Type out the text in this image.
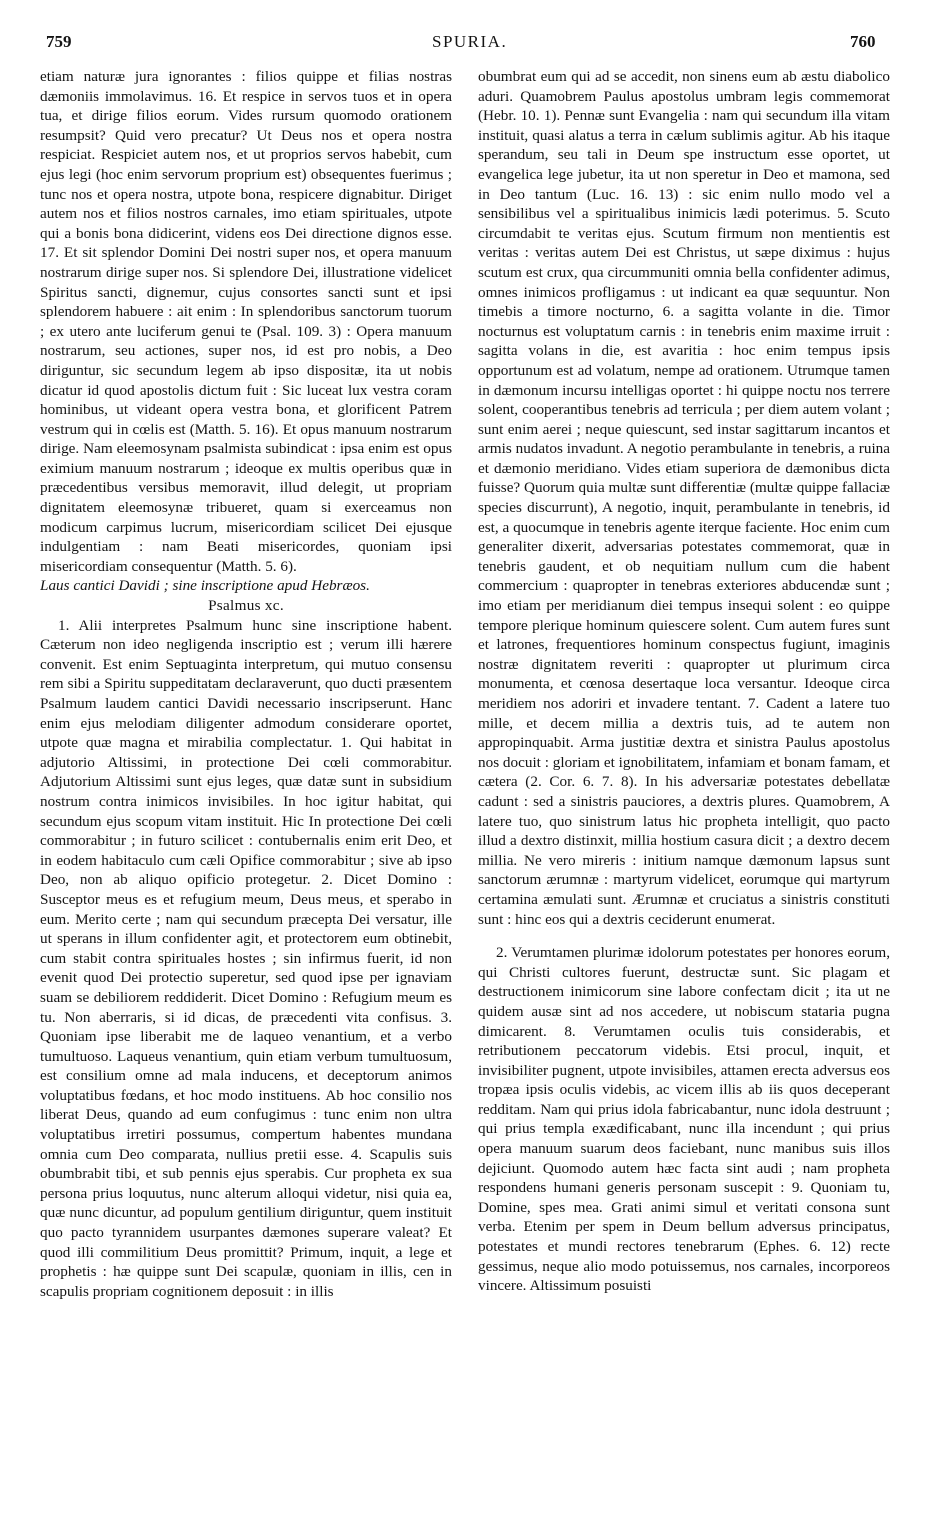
759	SPURIA.	760

etiam naturæ jura ignorantes : filios quippe et filias nostras dæmoniis immolavimus. 16. Et respice in servos tuos et in opera tua, et dirige filios eorum. Vides rursum quomodo orationem resumpsit? Quid vero precatur? Ut Deus nos et opera nostra respiciat. Respiciet autem nos, et ut proprios servos habebit, cum ejus legi (hoc enim servorum proprium est) obsequentes fuerimus ; tunc nos et opera nostra, utpote bona, respicere dignabitur. Diriget autem nos et filios nostros carnales, imo etiam spirituales, utpote qui a bonis bona didicerint, videns eos Dei directione dignos esse. 17. Et sit splendor Domini Dei nostri super nos, et opera manuum nostrarum dirige super nos. Si splendore Dei, illustratione videlicet Spiritus sancti, dignemur, cujus consortes sancti sunt et ipsi splendorem habuere : ait enim : In splendoribus sanctorum tuorum ; ex utero ante luciferum genui te (Psal. 109. 3) : Opera manuum nostrarum, seu actiones, super nos, id est pro nobis, a Deo diriguntur, sic secundum legem ab ipso dispositæ, ita ut nobis dicatur id quod apostolis dictum fuit : Sic luceat lux vestra coram hominibus, ut videant opera vestra bona, et glorificent Patrem vestrum qui in cœlis est (Matth. 5. 16). Et opus manuum nostrarum dirige. Nam eleemosynam psalmista subindicat : ipsa enim est opus eximium manuum nostrarum ; ideoque ex multis operibus quæ in præcedentibus versibus memoravit, illud delegit, ut propriam dignitatem eleemosynæ tribueret, quam si exerceamus non modicum carpimus lucrum, misericordiam scilicet Dei ejusque indulgentiam : nam Beati misericordes, quoniam ipsi misericordiam consequentur (Matth. 5. 6).

Laus cantici Davidi ; sine inscriptione apud Hebræos.

Psalmus xc.

1. Alii interpretes Psalmum hunc sine inscriptione habent. Cæterum non ideo negligenda inscriptio est ; verum illi hærere convenit. Est enim Septuaginta interpretum, qui mutuo consensu rem sibi a Spiritu suppeditatam declaraverunt, quo ducti præsentem Psalmum laudem cantici Davidi necessario inscripserunt. Hanc enim ejus melodiam diligenter admodum considerare oportet, utpote quæ magna et mirabilia complectatur. 1. Qui habitat in adjutorio Altissimi, in protectione Dei cœli commorabitur. Adjutorium Altissimi sunt ejus leges, quæ datæ sunt in subsidium nostrum contra inimicos invisibiles. In hoc igitur habitat, qui secundum ejus scopum vitam instituit. Hic In protectione Dei cœli commorabitur ; in futuro scilicet : contubernalis enim erit Deo, et in eodem habitaculo cum cæli Opifice commorabitur ; sive ab ipso Deo, non ab aliquo opificio protegetur. 2. Dicet Domino : Susceptor meus es et refugium meum, Deus meus, et sperabo in eum. Merito certe ; nam qui secundum præcepta Dei versatur, ille ut sperans in illum confidenter agit, et protectorem eum obtinebit, cum stabit contra spirituales hostes ; sin infirmus fuerit, id non evenit quod Dei protectio superetur, sed quod ipse per ignaviam suam se debiliorem reddiderit. Dicet Domino : Refugium meum es tu. Non aberraris, si id dicas, de præcedenti vita confisus. 3. Quoniam ipse liberabit me de laqueo venantium, et a verbo tumultuoso. Laqueus venantium, quin etiam verbum tumultuosum, est consilium omne ad mala inducens, et deceptorum animos voluptatibus fœdans, et hoc modo instituens. Ab hoc consilio nos liberat Deus, quando ad eum confugimus : tunc enim non ultra voluptatibus irretiri possumus, compertum habentes mundana omnia cum Deo comparata, nullius pretii esse. 4. Scapulis suis obumbrabit tibi, et sub pennis ejus sperabis. Cur propheta ex sua persona prius loquutus, nunc alterum alloqui videtur, nisi quia ea, quæ nunc dicuntur, ad populum gentilium diriguntur, quem instituit quo pacto tyrannidem usurpantes dæmones superare valeat? Et quod illi commilitium Deus promittit? Primum, inquit, a lege et prophetis : hæ quippe sunt Dei scapulæ, quoniam in illis, cen in scapulis propriam cognitionem deposuit : in illis

obumbrat eum qui ad se accedit, non sinens eum ab æstu diabolico aduri. Quamobrem Paulus apostolus umbram legis commemorat (Hebr. 10. 1). Pennæ sunt Evangelia : nam qui secundum illa vitam instituit, quasi alatus a terra in cælum sublimis agitur. Ab his itaque sperandum, seu tali in Deum spe instructum esse oportet, ut evangelica lege jubetur, ita ut non speretur in Deo et mamona, sed in Deo tantum (Luc. 16. 13) : sic enim nullo modo vel a sensibilibus vel a spiritualibus inimicis lædi poterimus. 5. Scuto circumdabit te veritas ejus. Scutum firmum non mentientis est veritas : veritas autem Dei est Christus, ut sæpe diximus : hujus scutum est crux, qua circummuniti omnia bella confidenter adimus, omnes inimicos profligamus : ut indicant ea quæ sequuntur. Non timebis a timore nocturno, 6. a sagitta volante in die. Timor nocturnus est voluptatum carnis : in tenebris enim maxime irruit : sagitta volans in die, est avaritia : hoc enim tempus ipsis opportunum est ad volatum, nempe ad orationem. Utrumque tamen in dæmonum incursu intelligas oportet : hi quippe noctu nos terrere solent, cooperantibus tenebris ad terricula ; per diem autem volant ; sunt enim aerei ; neque quiescunt, sed instar sagittarum incantos et armis nudatos invadunt. A negotio perambulante in tenebris, a ruina et dæmonio meridiano. Vides etiam superiora de dæmonibus dicta fuisse? Quorum quia multæ sunt differentiæ (multæ quippe fallaciæ species discurrunt), A negotio, inquit, perambulante in tenebris, id est, a quocumque in tenebris agente iterque faciente. Hoc enim cum generaliter dixerit, adversarias potestates commemorat, quæ in tenebris gaudent, et ob nequitiam nullum cum die habent commercium : quapropter in tenebras exteriores abducendæ sunt ; imo etiam per meridianum diei tempus insequi solent : eo quippe tempore plerique hominum quiescere solent. Cum autem fures sunt et latrones, frequentiores hominum conspectus fugiunt, imaginis nostræ dignitatem reveriti : quapropter ut plurimum circa monumenta, et cœnosa desertaque loca versantur. Ideoque circa meridiem nos adoriri et invadere tentant. 7. Cadent a latere tuo mille, et decem millia a dextris tuis, ad te autem non appropinquabit. Arma justitiæ dextra et sinistra Paulus apostolus nos docuit : gloriam et ignobilitatem, infamiam et bonam famam, et cætera (2. Cor. 6. 7. 8). In his adversariæ potestates debellatæ cadunt : sed a sinistris pauciores, a dextris plures. Quamobrem, A latere tuo, quo sinistrum latus hic propheta intelligit, quo pacto illud a dextro distinxit, millia hostium casura dicit ; a dextro decem millia. Ne vero mireris : initium namque dæmonum lapsus sunt sanctorum ærumnæ : martyrum videlicet, eorumque qui martyrum certamina æmulati sunt. Ærumnæ et cruciatus a sinistris constituti sunt : hinc eos qui a dextris ceciderunt enumerat.

2. Verumtamen plurimæ idolorum potestates per honores eorum, qui Christi cultores fuerunt, destructæ sunt. Sic plagam et destructionem inimicorum sine labore confectam dicit ; ita ut ne quidem ausæ sint ad nos accedere, ut nobiscum stataria pugna dimicarent. 8. Verumtamen oculis tuis considerabis, et retributionem peccatorum videbis. Etsi procul, inquit, et invisibiliter pugnent, utpote invisibiles, attamen erecta adversus eos tropæa ipsis oculis videbis, ac vicem illis ab iis quos deceperant redditam. Nam qui prius idola fabricabantur, nunc idola destruunt ; qui prius templa exædificabant, nunc illa incendunt ; qui prius opera manuum suarum deos faciebant, nunc manibus suis illos dejiciunt. Quomodo autem hæc facta sint audi ; nam propheta respondens humani generis personam suscepit : 9. Quoniam tu, Domine, spes mea. Grati animi simul et veritati consona sunt verba. Etenim per spem in Deum bellum adversus principatus, potestates et mundi rectores tenebrarum (Ephes. 6. 12) recte gessimus, neque alio modo potuissemus, nos carnales, incorporeos vincere. Altissimum posuisti
